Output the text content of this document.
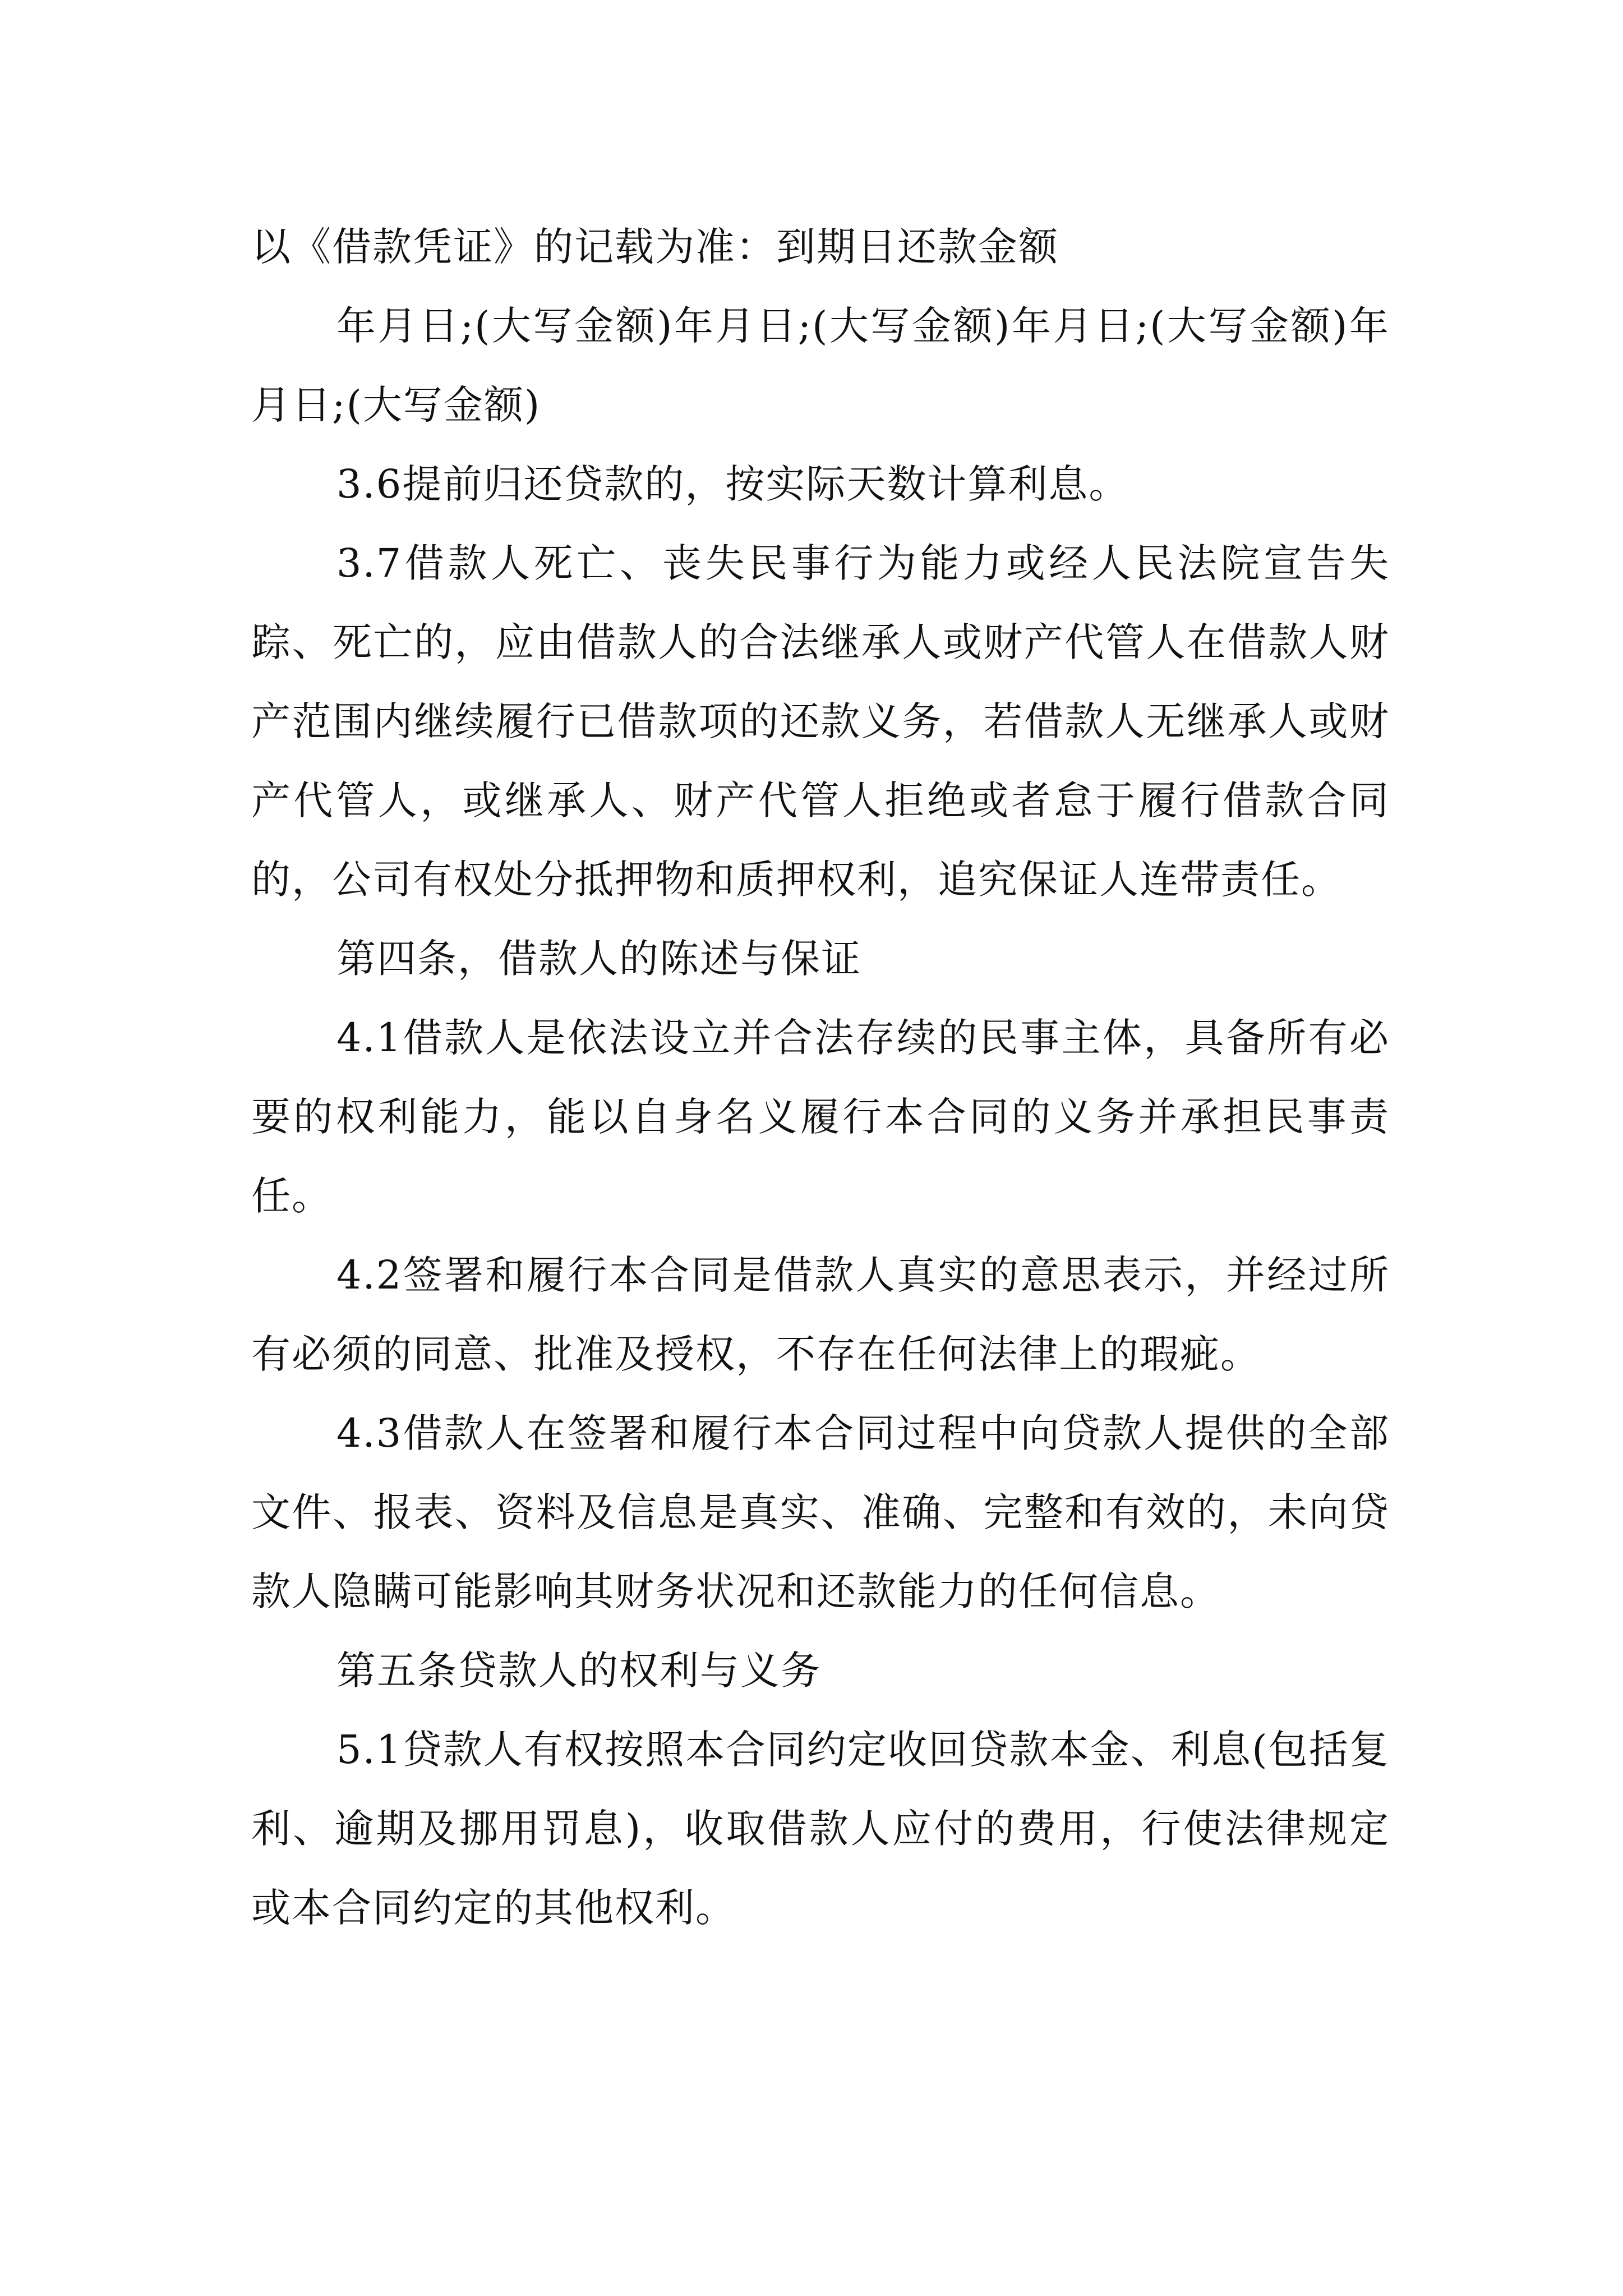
以《借款凭证》的记载为准：到期日还款金额

年月日;(大写金额)年月日;(大写金额)年月日;(大写金额)年月日;(大写金额)

3.6提前归还贷款的，按实际天数计算利息。

3.7借款人死亡、丧失民事行为能力或经人民法院宣告失踪、死亡的，应由借款人的合法继承人或财产代管人在借款人财产范围内继续履行已借款项的还款义务，若借款人无继承人或财产代管人，或继承人、财产代管人拒绝或者怠于履行借款合同的，公司有权处分抵押物和质押权利，追究保证人连带责任。

第四条，借款人的陈述与保证

4.1借款人是依法设立并合法存续的民事主体，具备所有必要的权利能力，能以自身名义履行本合同的义务并承担民事责任。

4.2签署和履行本合同是借款人真实的意思表示，并经过所有必须的同意、批准及授权，不存在任何法律上的瑕疵。

4.3借款人在签署和履行本合同过程中向贷款人提供的全部文件、报表、资料及信息是真实、准确、完整和有效的，未向贷款人隐瞒可能影响其财务状况和还款能力的任何信息。

第五条贷款人的权利与义务

5.1贷款人有权按照本合同约定收回贷款本金、利息(包括复利、逾期及挪用罚息)，收取借款人应付的费用，行使法律规定或本合同约定的其他权利。
